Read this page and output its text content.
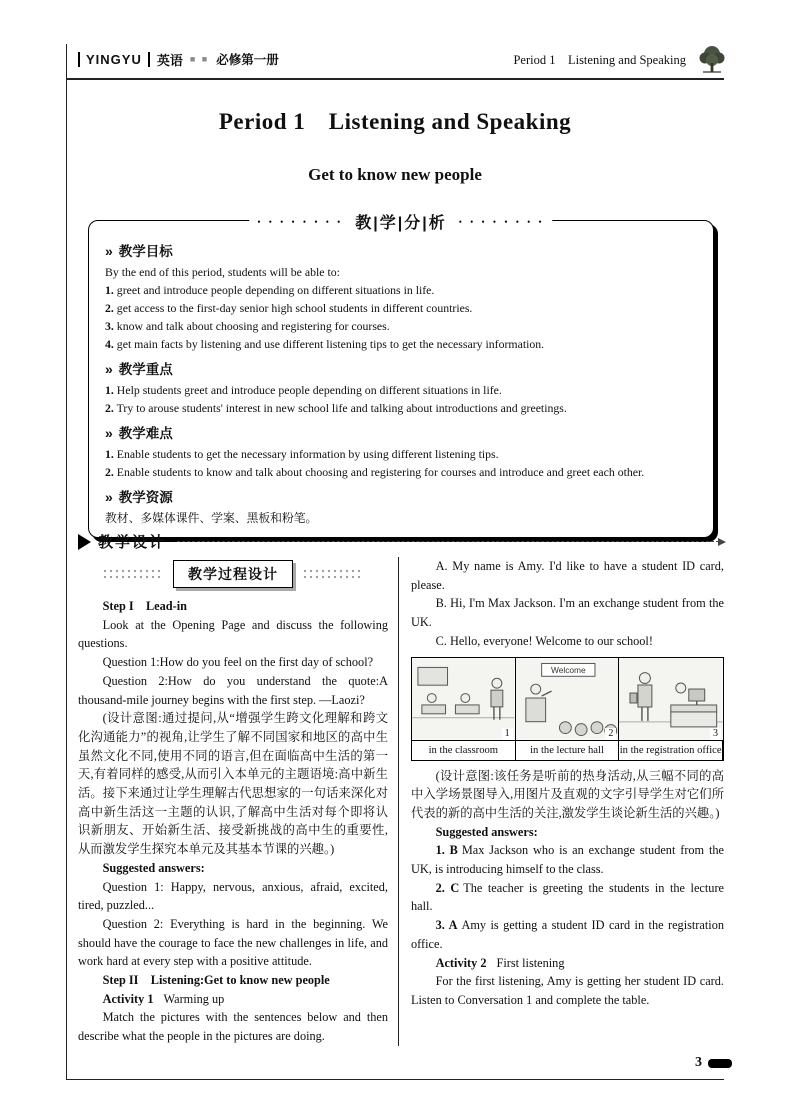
YINGYU	英语 ■ ■ 必修第一册	Period 1　Listening and Speaking
Period 1　Listening and Speaking
Get to know new people
• • • • • • • • 教|学|分|析 • • • • • • • •
» 教学目标

By the end of this period, students will be able to:

1. greet and introduce people depending on different situations in life.

2. get access to the first-day senior high school students in different countries.

3. know and talk about choosing and registering for courses.

4. get main facts by listening and use different listening tips to get the necessary information.

» 教学重点

1. Help students greet and introduce people depending on different situations in life.

2. Try to arouse students' interest in new school life and talking about introductions and greetings.

» 教学难点

1. Enable students to get the necessary information by using different listening tips.

2. Enable students to know and talk about choosing and registering for courses and introduce and greet each other.

» 教学资源

教材、多媒体课件、学案、黑板和粉笔。

教学设计
教学过程设计

Step I　Lead-in

Look at the Opening Page and discuss the following questions.

Question 1:How do you feel on the first day of school?

Question 2:How do you understand the quote:A thousand-mile journey begins with the first step. —Laozi?

(设计意图:通过提问,从“增强学生跨文化理解和跨文化沟通能力”的视角,让学生了解不同国家和地区的高中生虽然文化不同,使用不同的语言,但在面临高中生活的第一天,有着同样的感受,从而引入本单元的主题语境:高中新生活。接下来通过让学生理解古代思想家的一句话来深化对高中新生活这一主题的认识,了解高中生活对每个即将认识新朋友、开始新生活、接受新挑战的高中生的重要性,从而激发学生探究本单元及其基本节课的兴趣。)

Suggested answers:

Question 1: Happy, nervous, anxious, afraid, excited, tired, puzzled...

Question 2: Everything is hard in the beginning. We should have the courage to face the new challenges in life, and work hard at every step with a positive attitude.

Step II　Listening:Get to know new people

Activity 1 Warming up

Match the pictures with the sentences below and then describe what the people in the pictures are doing.

A. My name is Amy. I'd like to have a student ID card, please.

B. Hi, I'm Max Jackson. I'm an exchange student from the UK.

C. Hello, everyone! Welcome to our school!

1
Welcome
2	3
in the classroom	in the lecture hall	in the registration office

(设计意图:该任务是听前的热身活动,从三幅不同的高中入学场景图导入,用图片及直观的文字引导学生对它们所代表的新的高中生活的关注,激发学生谈论新生活的兴趣。)

Suggested answers:

1. B Max Jackson who is an exchange student from the UK, is introducing himself to the class.

2. C The teacher is greeting the students in the lecture hall.

3. A Amy is getting a student ID card in the registration office.

Activity 2 First listening

For the first listening, Amy is getting her student ID card. Listen to Conversation 1 and complete the table.

3
